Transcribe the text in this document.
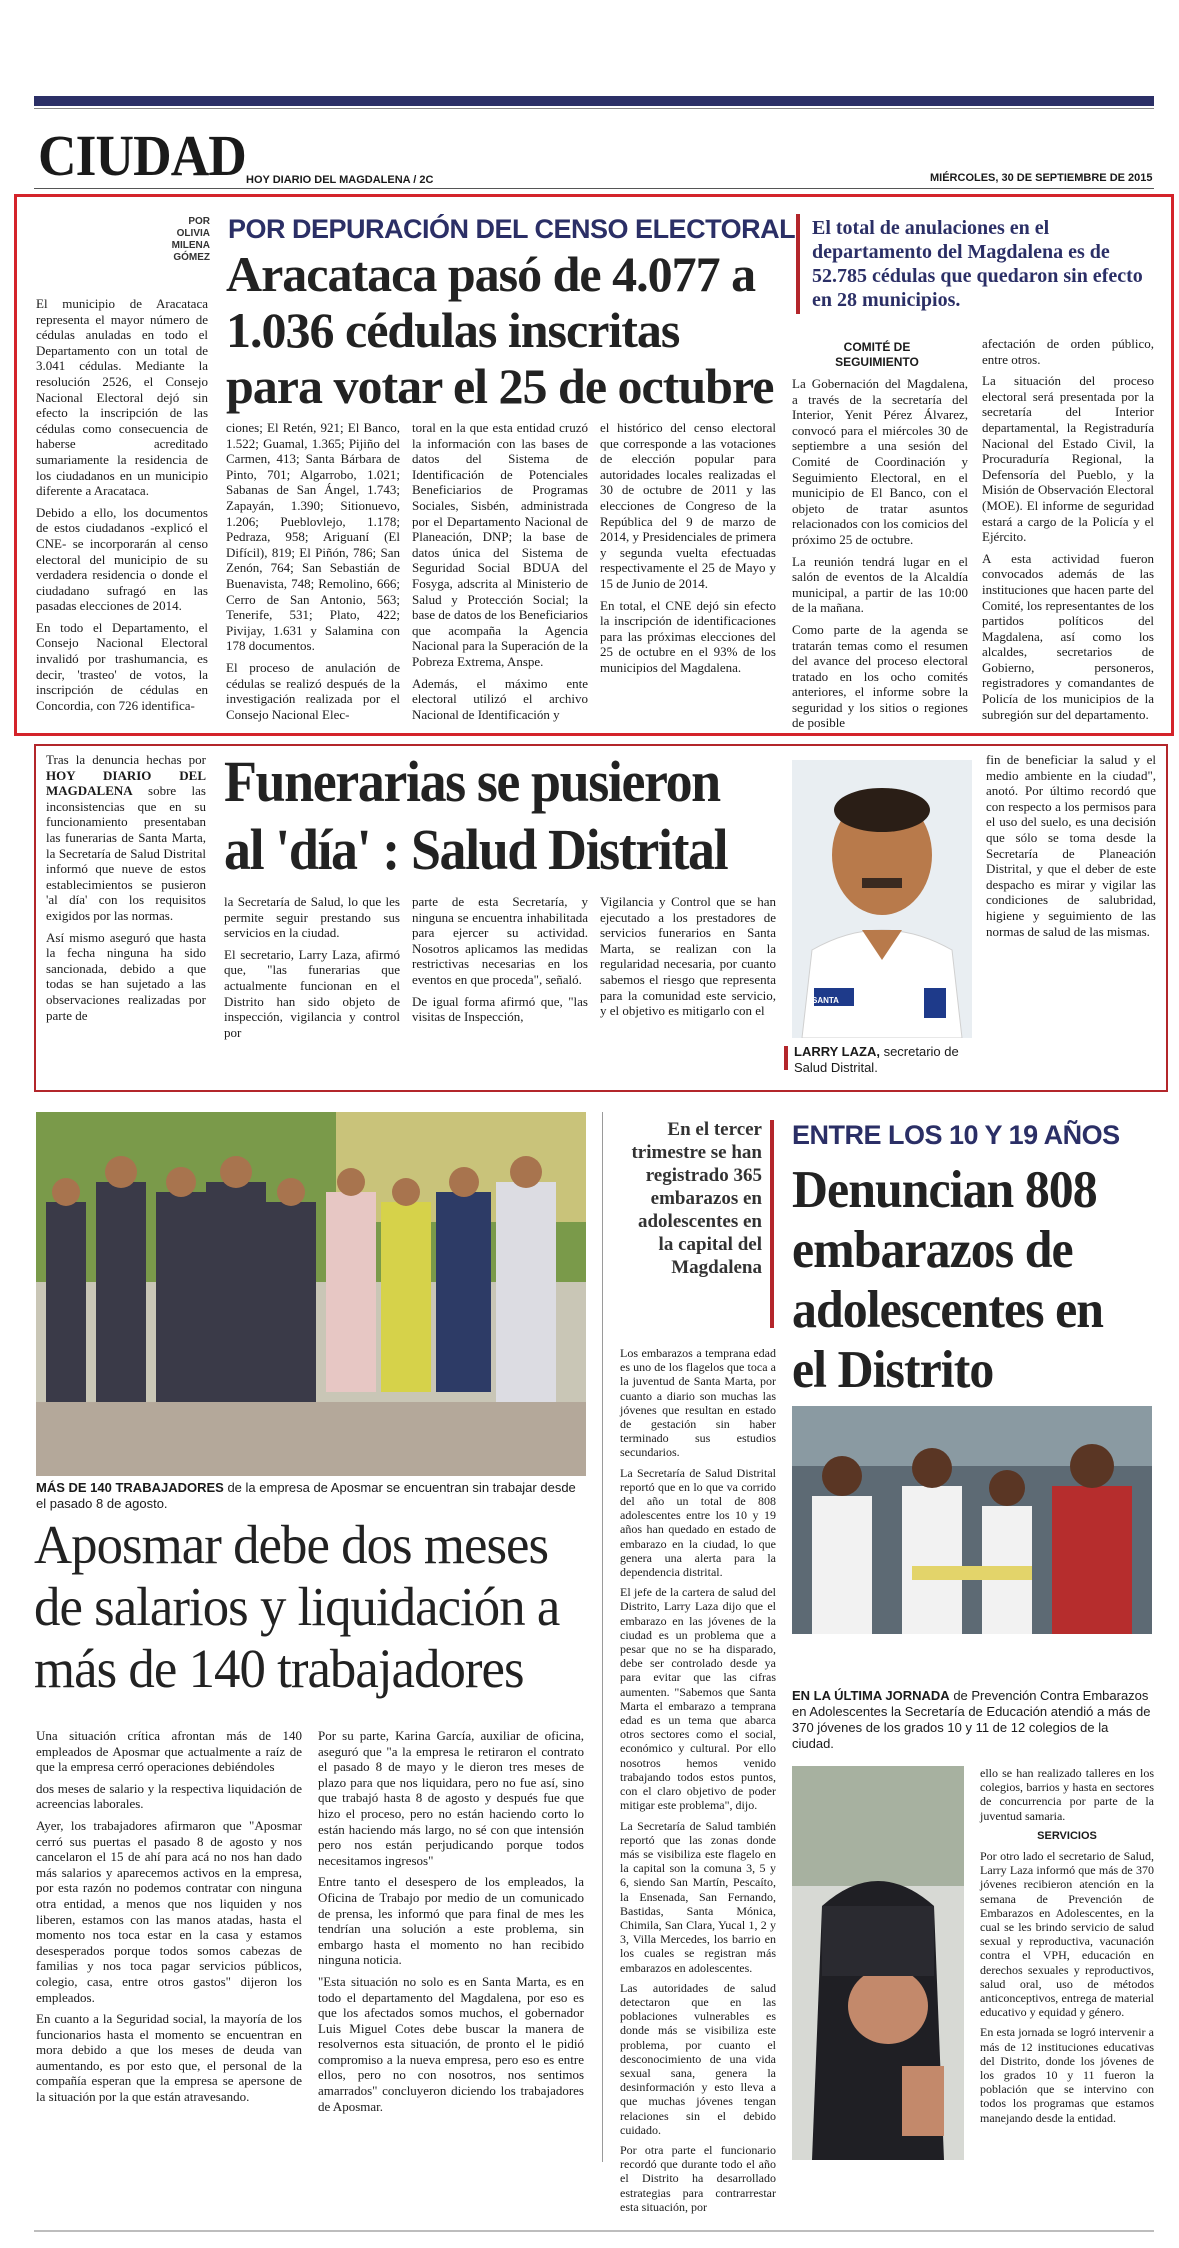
CIUDAD HOY DIARIO DEL MAGDALENA / 2C	MIÉRCOLES, 30 DE SEPTIEMBRE DE 2015
POR OLIVIA MILENA GÓMEZ
POR DEPURACIÓN DEL CENSO ELECTORAL
Aracataca pasó de 4.077 a 1.036 cédulas inscritas para votar el 25 de octubre
El total de anulaciones en el departamento del Magdalena es de 52.785 cédulas que quedaron sin efecto en 28 municipios.

El municipio de Aracataca representa el mayor número de cédulas anuladas en todo el Departamento con un total de 3.041 cédulas. Mediante la resolución 2526, el Consejo Nacional Electoral dejó sin efecto la inscripción de las cédulas como consecuencia de haberse acreditado sumariamente la residencia de los ciudadanos en un municipio diferente a Aracataca.

Debido a ello, los documentos de estos ciudadanos -explicó el CNE- se incorporarán al censo electoral del municipio de su verdadera residencia o donde el ciudadano sufragó en las pasadas elecciones de 2014.

En todo el Departamento, el Consejo Nacional Electoral invalidó por trashumancia, es decir, 'trasteo' de votos, la inscripción de cédulas en Concordia, con 726 identifica-

ciones; El Retén, 921; El Banco, 1.522; Guamal, 1.365; Pijiño del Carmen, 413; Santa Bárbara de Pinto, 701; Algarrobo, 1.021; Sabanas de San Ángel, 1.743; Zapayán, 1.390; Sitionuevo, 1.206; Pueblovlejo, 1.178; Pedraza, 958; Ariguaní (El Difícil), 819; El Piñón, 786; San Zenón, 764; San Sebastián de Buenavista, 748; Remolino, 666; Cerro de San Antonio, 563; Tenerife, 531; Plato, 422; Pivijay, 1.631 y Salamina con 178 documentos.

El proceso de anulación de cédulas se realizó después de la investigación realizada por el Consejo Nacional Elec-

toral en la que esta entidad cruzó la información con las bases de datos del Sistema de Identificación de Potenciales Beneficiarios de Programas Sociales, Sisbén, administrada por el Departamento Nacional de Planeación, DNP; la base de datos única del Sistema de Seguridad Social BDUA del Fosyga, adscrita al Ministerio de Salud y Protección Social; la base de datos de los Beneficiarios que acompaña la Agencia Nacional para la Superación de la Pobreza Extrema, Anspe.

Además, el máximo ente electoral utilizó el archivo Nacional de Identificación y

el histórico del censo electoral que corresponde a las votaciones de elección popular para autoridades locales realizadas el 30 de octubre de 2011 y las elecciones de Congreso de la República del 9 de marzo de 2014, y Presidenciales de primera y segunda vuelta efectuadas respectivamente el 25 de Mayo y 15 de Junio de 2014.

En total, el CNE dejó sin efecto la inscripción de identificaciones para las próximas elecciones del 25 de octubre en el 93% de los municipios del Magdalena.

COMITÉ DE SEGUIMIENTO

La Gobernación del Magdalena, a través de la secretaría del Interior, Yenit Pérez Álvarez, convocó para el miércoles 30 de septiembre a una sesión del Comité de Coordinación y Seguimiento Electoral, en el municipio de El Banco, con el objeto de tratar asuntos relacionados con los comicios del próximo 25 de octubre.

La reunión tendrá lugar en el salón de eventos de la Alcaldía municipal, a partir de las 10:00 de la mañana.

Como parte de la agenda se tratarán temas como el resumen del avance del proceso electoral tratado en los ocho comités anteriores, el informe sobre la seguridad y los sitios o regiones de posible

afectación de orden público, entre otros.

La situación del proceso electoral será presentada por la secretaría del Interior departamental, la Registraduría Nacional del Estado Civil, la Procuraduría Regional, la Defensoría del Pueblo, y la Misión de Observación Electoral (MOE). El informe de seguridad estará a cargo de la Policía y el Ejército.

A esta actividad fueron convocados además de las instituciones que hacen parte del Comité, los representantes de los partidos políticos del Magdalena, así como los alcaldes, secretarios de Gobierno, personeros, registradores y comandantes de Policía de los municipios de la subregión sur del departamento.

Tras la denuncia hechas por HOY DIARIO DEL MAGDALENA sobre las inconsistencias que en su funcionamiento presentaban las funerarias de Santa Marta, la Secretaría de Salud Distrital informó que nueve de estos establecimientos se pusieron 'al día' con los requisitos exigidos por las normas.

Así mismo aseguró que hasta la fecha ninguna ha sido sancionada, debido a que todas se han sujetado a las observaciones realizadas por parte de

Funerarias se pusieron al 'día' : Salud Distrital

la Secretaría de Salud, lo que les permite seguir prestando sus servicios en la ciudad.

El secretario, Larry Laza, afirmó que, "las funerarias que actualmente funcionan en el Distrito han sido objeto de inspección, vigilancia y control por

parte de esta Secretaría, y ninguna se encuentra inhabilitada para ejercer su actividad. Nosotros aplicamos las medidas restrictivas necesarias en los eventos en que proceda", señaló.

De igual forma afirmó que, "las visitas de Inspección,

Vigilancia y Control que se han ejecutado a los prestadores de servicios funerarios en Santa Marta, se realizan con la regularidad necesaria, por cuanto sabemos el riesgo que representa para la comunidad este servicio, y el objetivo es mitigarlo con el

SANTA MARTA
LARRY LAZA, secretario de Salud Distrital.

fin de beneficiar la salud y el medio ambiente en la ciudad", anotó. Por último recordó que con respecto a los permisos para el uso del suelo, es una decisión que sólo se toma desde la Secretaría de Planeación Distrital, y que el deber de este despacho es mirar y vigilar las condiciones de salubridad, higiene y seguimiento de las normas de salud de las mismas.

MÁS DE 140 TRABAJADORES de la empresa de Aposmar se encuentran sin trabajar desde el pasado 8 de agosto.
Aposmar debe dos meses de salarios y liquidación a más de 140 trabajadores

Una situación crítica afrontan más de 140 empleados de Aposmar que actualmente a raíz de que la empresa cerró operaciones debiéndoles

dos meses de salario y la respectiva liquidación de acreencias laborales.

Ayer, los trabajadores afirmaron que "Aposmar cerró sus puertas el pasado 8 de agosto y nos cancelaron el 15 de ahí para acá no nos han dado más salarios y aparecemos activos en la empresa, por esta razón no podemos contratar con ninguna otra entidad, a menos que nos liquiden y nos liberen, estamos con las manos atadas, hasta el momento nos toca estar en la casa y estamos desesperados porque todos somos cabezas de familias y nos toca pagar servicios públicos, colegio, casa, entre otros gastos" dijeron los empleados.

En cuanto a la Seguridad social, la mayoría de los funcionarios hasta el momento se encuentran en mora debido a que los meses de deuda van aumentando, es por esto que, el personal de la compañía esperan que la empresa se apersone de la situación por la que están atravesando.

Por su parte, Karina García, auxiliar de oficina, aseguró que "a la empresa le retiraron el contrato el pasado 8 de mayo y le dieron tres meses de plazo para que nos liquidara, pero no fue así, sino que trabajó hasta 8 de agosto y después fue que hizo el proceso, pero no están haciendo corto lo están haciendo más largo, no sé con que intensión pero nos están perjudicando porque todos necesitamos ingresos"

Entre tanto el desespero de los empleados, la Oficina de Trabajo por medio de un comunicado de prensa, les informó que para final de mes les tendrían una solución a este problema, sin embargo hasta el momento no han recibido ninguna noticia.

"Esta situación no solo es en Santa Marta, es en todo el departamento del Magdalena, por eso es que los afectados somos muchos, el gobernador Luis Miguel Cotes debe buscar la manera de resolvernos esta situación, de pronto el le pidió compromiso a la nueva empresa, pero eso es entre ellos, pero no con nosotros, nos sentimos amarrados" concluyeron diciendo los trabajadores de Aposmar.

En el tercer trimestre se han registrado 365 embarazos en adolescentes en la capital del Magdalena
ENTRE LOS 10 Y 19 AÑOS
Denuncian 808 embarazos de adolescentes en el Distrito

Los embarazos a temprana edad es uno de los flagelos que toca a la juventud de Santa Marta, por cuanto a diario son muchas las jóvenes que resultan en estado de gestación sin haber terminado sus estudios secundarios.

La Secretaría de Salud Distrital reportó que en lo que va corrido del año un total de 808 adolescentes entre los 10 y 19 años han quedado en estado de embarazo en la ciudad, lo que genera una alerta para la dependencia distrital.

El jefe de la cartera de salud del Distrito, Larry Laza dijo que el embarazo en las jóvenes de la ciudad es un problema que a pesar que no se ha disparado, debe ser controlado desde ya para evitar que las cifras aumenten. "Sabemos que Santa Marta el embarazo a temprana edad es un tema que abarca otros sectores como el social, económico y cultural. Por ello nosotros hemos venido trabajando todos estos puntos, con el claro objetivo de poder mitigar este problema", dijo.

La Secretaría de Salud también reportó que las zonas donde más se visibiliza este flagelo en la capital son la comuna 3, 5 y 6, siendo San Martín, Pescaíto, la Ensenada, San Fernando, Bastidas, Santa Mónica, Chimila, San Clara, Yucal 1, 2 y 3, Villa Mercedes, los barrio en los cuales se registran más embarazos en adolescentes.

Las autoridades de salud detectaron que en las poblaciones vulnerables es donde más se visibiliza este problema, por cuanto el desconocimiento de una vida sexual sana, genera la desinformación y esto lleva a que muchas jóvenes tengan relaciones sin el debido cuidado.

Por otra parte el funcionario recordó que durante todo el año el Distrito ha desarrollado estrategias para contrarrestar esta situación, por

EN LA ÚLTIMA JORNADA de Prevención Contra Embarazos en Adolescentes la Secretaría de Educación atendió a más de 370 jóvenes de los grados 10 y 11 de 12 colegios de la ciudad.

ello se han realizado talleres en los colegios, barrios y hasta en sectores de concurrencia por parte de la juventud samaria.

SERVICIOS

Por otro lado el secretario de Salud, Larry Laza informó que más de 370 jóvenes recibieron atención en la semana de Prevención de Embarazos en Adolescentes, en la cual se les brindo servicio de salud sexual y reproductiva, vacunación contra el VPH, educación en derechos sexuales y reproductivos, salud oral, uso de métodos anticonceptivos, entrega de material educativo y equidad y género.

En esta jornada se logró intervenir a más de 12 instituciones educativas del Distrito, donde los jóvenes de los grados 10 y 11 fueron la población que se intervino con todos los programas que estamos manejando desde la entidad.
